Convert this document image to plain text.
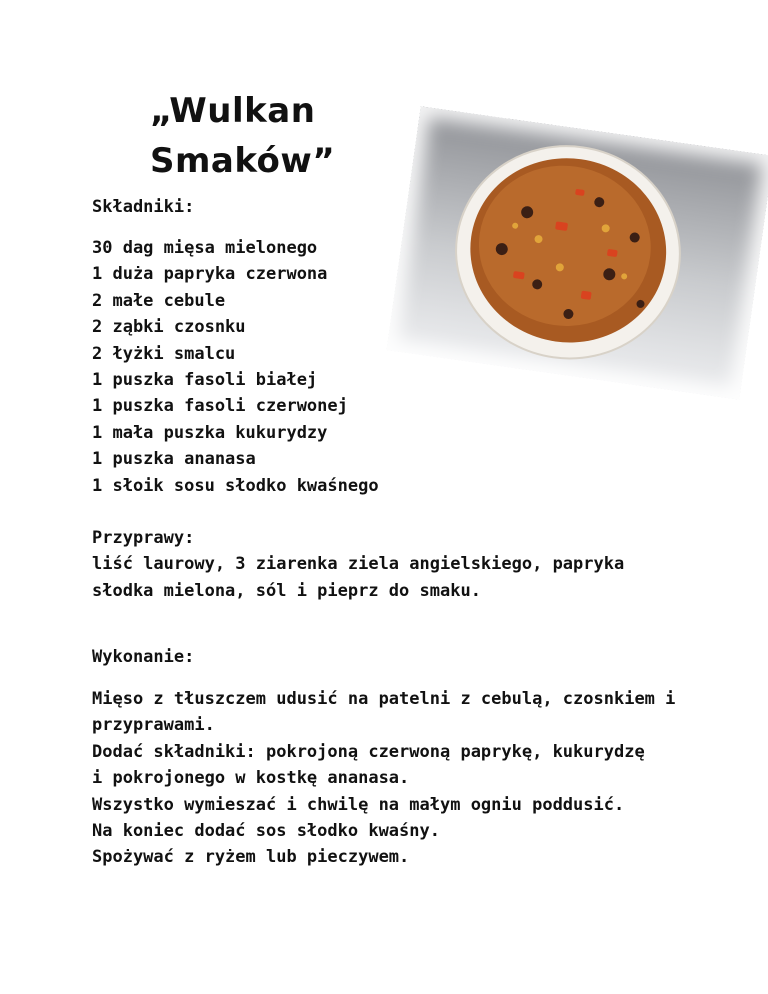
„Wulkan
Smaków”
Składniki:
30 dag mięsa mielonego
1 duża papryka czerwona
2 małe cebule
2 ząbki czosnku
2 łyżki smalcu
1 puszka fasoli białej
1 puszka fasoli czerwonej
1 mała puszka kukurydzy
1 puszka ananasa
1 słoik sosu słodko kwaśnego
Przyprawy:
liść laurowy, 3 ziarenka ziela angielskiego, papryka
słodka mielona, sól i pieprz do smaku.
Wykonanie:
Mięso z tłuszczem udusić na patelni z cebulą, czosnkiem i
przyprawami.
Dodać składniki: pokrojoną czerwoną paprykę, kukurydzę
i pokrojonego w kostkę ananasa.
Wszystko wymieszać i chwilę na małym ogniu poddusić.
Na koniec dodać sos słodko kwaśny.
Spożywać z ryżem lub pieczywem.
